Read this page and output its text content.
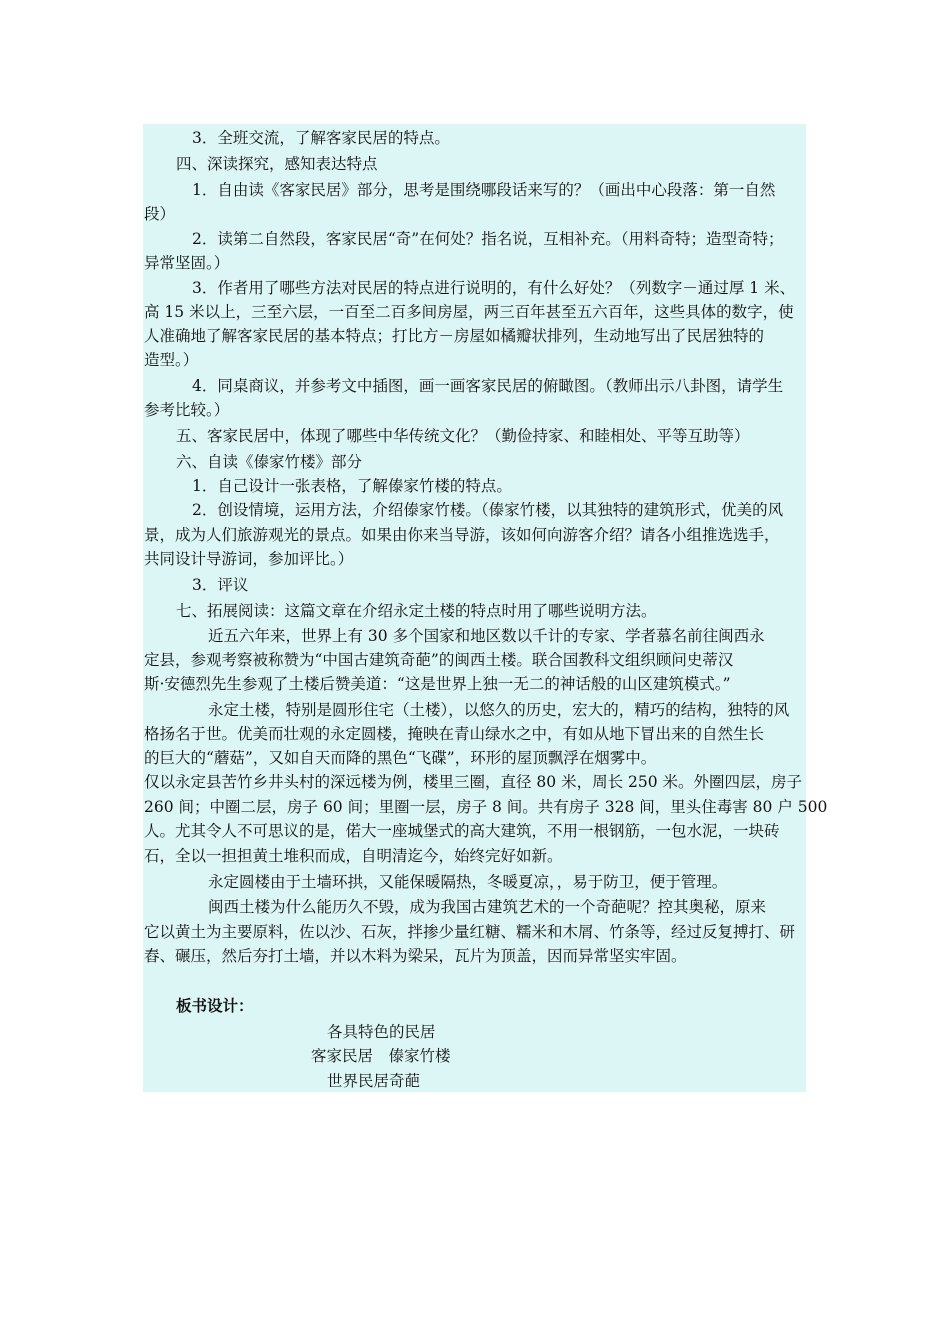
3．全班交流，了解客家民居的特点。
四、深读探究，感知表达特点
1．自由读《客家民居》部分，思考是围绕哪段话来写的？（画出中心段落：第一自然
段）
2．读第二自然段，客家民居“奇”在何处？指名说，互相补充。（用料奇特；造型奇特；
异常坚固。）
3．作者用了哪些方法对民居的特点进行说明的，有什么好处？（列数字－通过厚 1 米、
高 15 米以上，三至六层，一百至二百多间房屋，两三百年甚至五六百年，这些具体的数字，使
人准确地了解客家民居的基本特点；打比方－房屋如橘瓣状排列，生动地写出了民居独特的
造型。）
4．同桌商议，并参考文中插图，画一画客家民居的俯瞰图。（教师出示八卦图，请学生
参考比较。）
五、客家民居中，体现了哪些中华传统文化？（勤俭持家、和睦相处、平等互助等）
六、自读《傣家竹楼》部分
1．自己设计一张表格，了解傣家竹楼的特点。
2．创设情境，运用方法，介绍傣家竹楼。（傣家竹楼，以其独特的建筑形式，优美的风
景，成为人们旅游观光的景点。如果由你来当导游，该如何向游客介绍？请各小组推选选手，
共同设计导游词，参加评比。）
3．评议
七、拓展阅读：这篇文章在介绍永定土楼的特点时用了哪些说明方法。
近五六年来，世界上有 30 多个国家和地区数以千计的专家、学者慕名前往闽西永
定县，参观考察被称赞为“中国古建筑奇葩”的闽西土楼。联合国教科文组织顾问史蒂汉
斯·安德烈先生参观了土楼后赞美道：“这是世界上独一无二的神话般的山区建筑模式。”
永定土楼，特别是圆形住宅（土楼），以悠久的历史，宏大的，精巧的结构，独特的风
格扬名于世。优美而壮观的永定圆楼，掩映在青山绿水之中，有如从地下冒出来的自然生长
的巨大的“蘑菇”，又如自天而降的黑色“飞碟”，环形的屋顶飘浮在烟雾中。
仅以永定县苦竹乡井头村的深远楼为例，楼里三圈，直径 80 米，周长 250 米。外圈四层，房子
260 间；中圈二层，房子 60 间；里圈一层，房子 8 间。共有房子 328 间，里头住毒害 80 户 500
人。尤其令人不可思议的是，偌大一座城堡式的高大建筑，不用一根钢筋，一包水泥，一块砖
石，全以一担担黄土堆积而成，自明清迄今，始终完好如新。
永定圆楼由于土墙环拱，又能保暖隔热，冬暖夏凉，，易于防卫，便于管理。
闽西土楼为什么能历久不毁，成为我国古建筑艺术的一个奇葩呢？控其奥秘，原来
它以黄土为主要原料，佐以沙、石灰，拌掺少量红糖、糯米和木屑、竹条等，经过反复搏打、研
舂、碾压，然后夯打土墙，并以木料为梁呆，瓦片为顶盖，因而异常坚实牢固。
板书设计：
各具特色的民居
客家民居　傣家竹楼
世界民居奇葩
